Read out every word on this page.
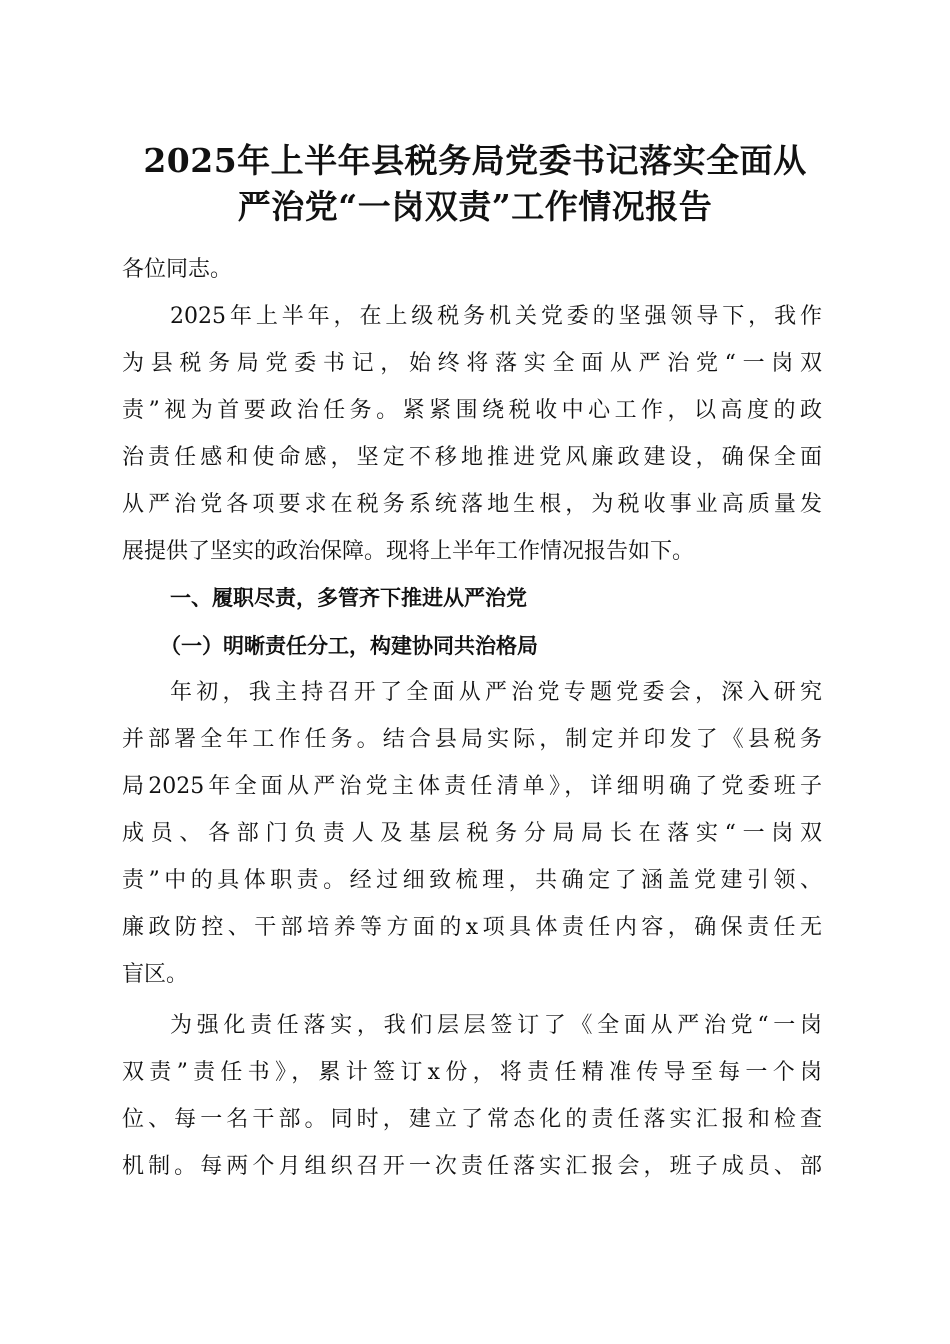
2025年上半年县税务局党委书记落实全面从
严治党“一岗双责”工作情况报告
各位同志。
2025年上半年，在上级税务机关党委的坚强领导下，我作
为县税务局党委书记，始终将落实全面从严治党“一岗双
责”视为首要政治任务。紧紧围绕税收中心工作，以高度的政
治责任感和使命感，坚定不移地推进党风廉政建设，确保全面
从严治党各项要求在税务系统落地生根，为税收事业高质量发
展提供了坚实的政治保障。现将上半年工作情况报告如下。
一、履职尽责，多管齐下推进从严治党
（一）明晰责任分工，构建协同共治格局
年初，我主持召开了全面从严治党专题党委会，深入研究
并部署全年工作任务。结合县局实际，制定并印发了《县税务
局2025年全面从严治党主体责任清单》，详细明确了党委班子
成员、各部门负责人及基层税务分局局长在落实“一岗双
责”中的具体职责。经过细致梳理，共确定了涵盖党建引领、
廉政防控、干部培养等方面的x项具体责任内容，确保责任无
盲区。
为强化责任落实，我们层层签订了《全面从严治党“一岗
双责”责任书》，累计签订x份，将责任精准传导至每一个岗
位、每一名干部。同时，建立了常态化的责任落实汇报和检查
机制。每两个月组织召开一次责任落实汇报会，班子成员、部
